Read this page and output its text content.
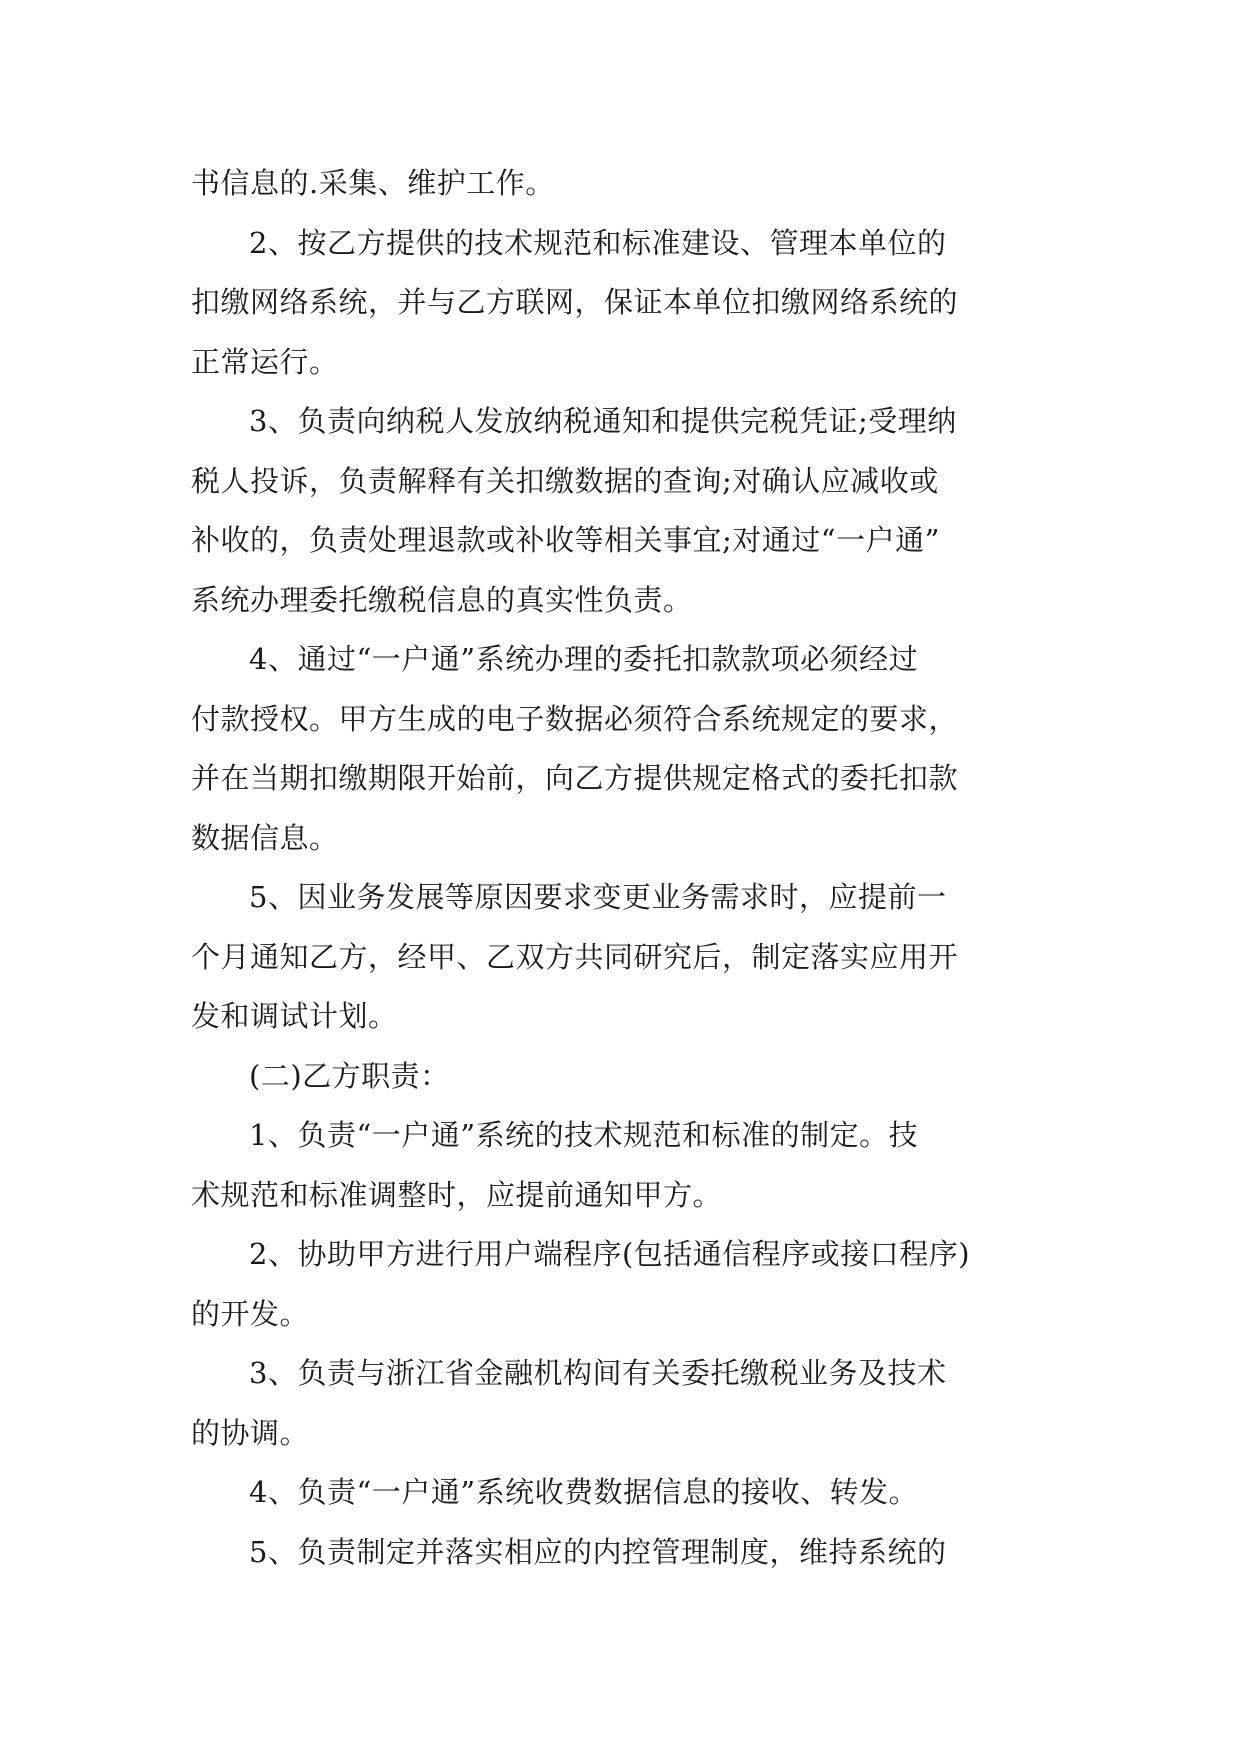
书信息的.采集、维护工作。
2、按乙方提供的技术规范和标准建设、管理本单位的
扣缴网络系统，并与乙方联网，保证本单位扣缴网络系统的
正常运行。
3、负责向纳税人发放纳税通知和提供完税凭证;受理纳
税人投诉，负责解释有关扣缴数据的查询;对确认应减收或
补收的，负责处理退款或补收等相关事宜;对通过“一户通”
系统办理委托缴税信息的真实性负责。
4、通过“一户通”系统办理的委托扣款款项必须经过
付款授权。甲方生成的电子数据必须符合系统规定的要求，
并在当期扣缴期限开始前，向乙方提供规定格式的委托扣款
数据信息。
5、因业务发展等原因要求变更业务需求时，应提前一
个月通知乙方，经甲、乙双方共同研究后，制定落实应用开
发和调试计划。
(二)乙方职责：
1、负责“一户通”系统的技术规范和标准的制定。技
术规范和标准调整时，应提前通知甲方。
2、协助甲方进行用户端程序(包括通信程序或接口程序)
的开发。
3、负责与浙江省金融机构间有关委托缴税业务及技术
的协调。
4、负责“一户通”系统收费数据信息的接收、转发。
5、负责制定并落实相应的内控管理制度，维持系统的
